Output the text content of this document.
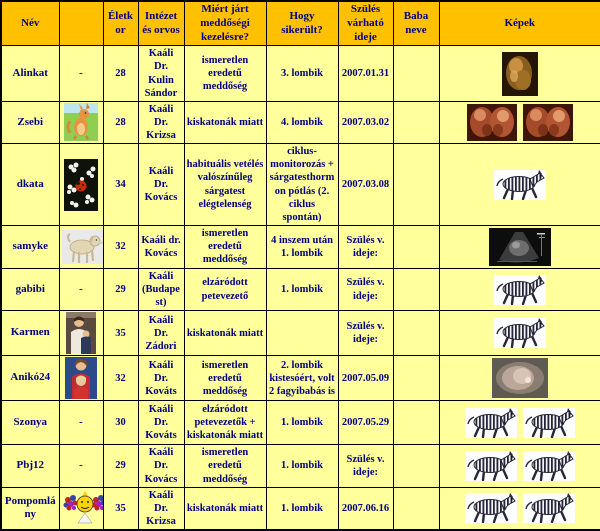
Név		Életkor	Intézet és orvos	Miért járt meddőségi kezelésre?	Hogy sikerült?	Szülés várható ideje	Baba neve	Képek
Alinkat	-	28	Kaáli Dr. Kulin Sándor	ismeretlen eredetű meddőség	3. lombik	2007.01.31		
Zsebi		28	Kaáli Dr. Krizsa	kiskatonák miatt	4. lombik	2007.03.02		
dkata		34	Kaáli Dr. Kovács	habituális vetélés valószínűleg sárgatest elégtelenség	ciklus-monitorozás + sárgatesthormon pótlás (2. ciklus spontán)	2007.03.08		
samyke		32	Kaáli dr. Kovács	ismeretlen eredetű meddőség	4 inszem után 1. lombik	Szülés v. ideje:		
gabibi	-	29	Kaáli (Budapest)	elzáródott petevezető	1. lombik	Szülés v. ideje:		
Karmen		35	Kaáli Dr. Zádori	kiskatonák miatt		Szülés v. ideje:		
Anikó24		32	Kaáli Dr. Kováts	ismeretlen eredetű meddőség	2. lombik kistesóért, volt 2 fagyibabás is	2007.05.09		
Szonya	-	30	Kaáli Dr. Kováts	elzáródott petevezetők + kiskatonák miatt	1. lombik	2007.05.29		
Pbj12	-	29	Kaáli Dr. Kovács	ismeretlen eredetű meddőség	1. lombik	Szülés v. ideje:		
Pompomlány		35	Kaáli Dr. Krizsa	kiskatonák miatt	1. lombik	2007.06.16		
